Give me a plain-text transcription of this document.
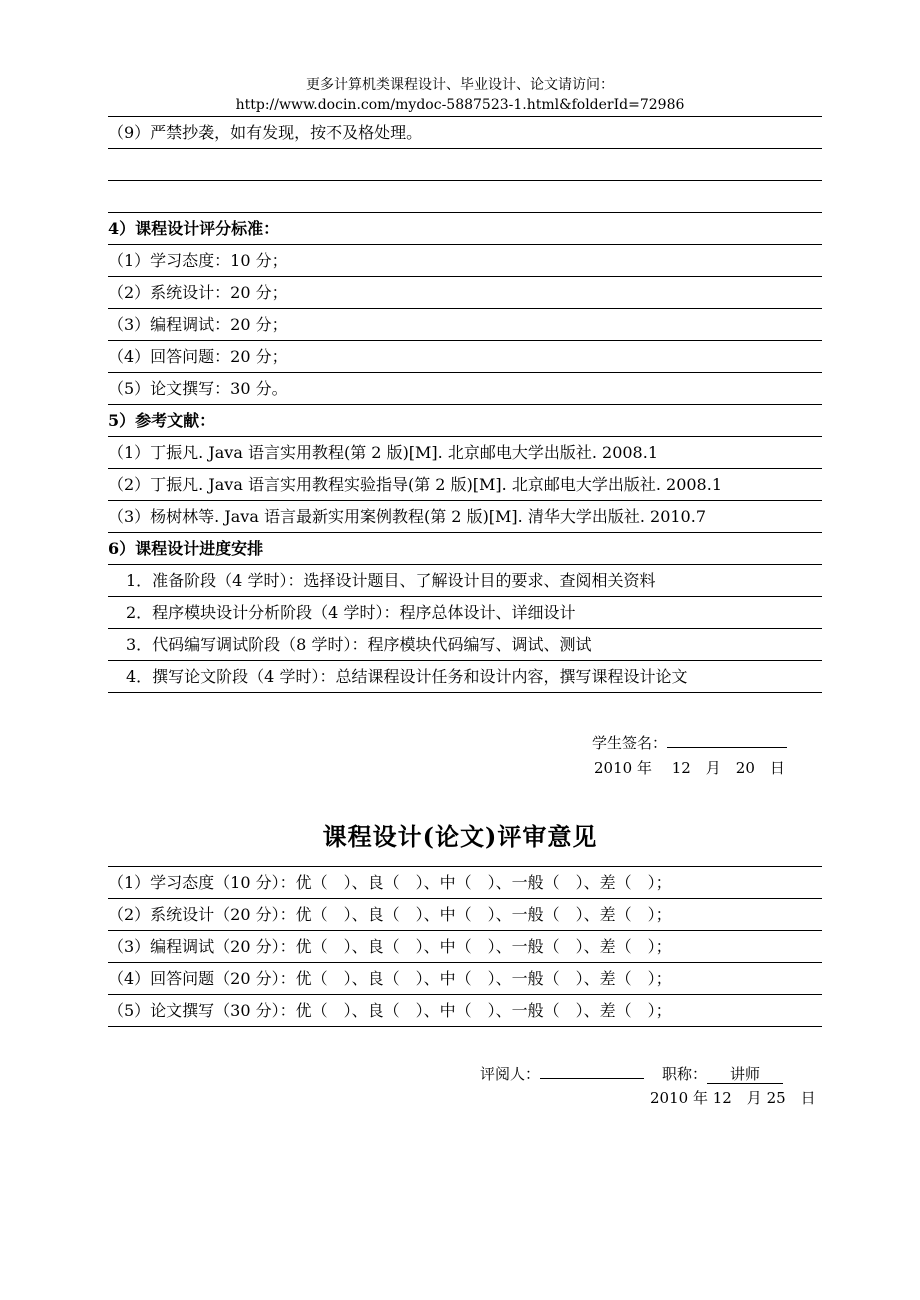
更多计算机类课程设计、毕业设计、论文请访问：
http://www.docin.com/mydoc-5887523-1.html&folderId=72986
（9）严禁抄袭，如有发现，按不及格处理。
4）课程设计评分标准：
（1）学习态度：10 分；
（2）系统设计：20 分；
（3）编程调试：20 分；
（4）回答问题：20 分；
（5）论文撰写：30 分。
5）参考文献：
（1）丁振凡. Java 语言实用教程(第 2 版)[M]. 北京邮电大学出版社. 2008.1
（2）丁振凡. Java 语言实用教程实验指导(第 2 版)[M]. 北京邮电大学出版社. 2008.1
（3）杨树林等. Java 语言最新实用案例教程(第 2 版)[M]. 清华大学出版社. 2010.7
6）课程设计进度安排
1．准备阶段（4 学时）：选择设计题目、了解设计目的要求、查阅相关资料
2．程序模块设计分析阶段（4 学时）：程序总体设计、详细设计
3．代码编写调试阶段（8 学时）：程序模块代码编写、调试、测试
4．撰写论文阶段（4 学时）：总结课程设计任务和设计内容，撰写课程设计论文
学生签名：
2010 年　 12　月　20　日
课程设计(论文)评审意见
（1）学习态度（10 分）：优（　）、良（　）、中（　）、一般（　）、差（　）；
（2）系统设计（20 分）：优（　）、良（　）、中（　）、一般（　）、差（　）；
（3）编程调试（20 分）：优（　）、良（　）、中（　）、一般（　）、差（　）；
（4）回答问题（20 分）：优（　）、良（　）、中（　）、一般（　）、差（　）；
（5）论文撰写（30 分）：优（　）、良（　）、中（　）、一般（　）、差（　）；
评阅人：	职称： 讲师
2010 年 12　月 25　日
